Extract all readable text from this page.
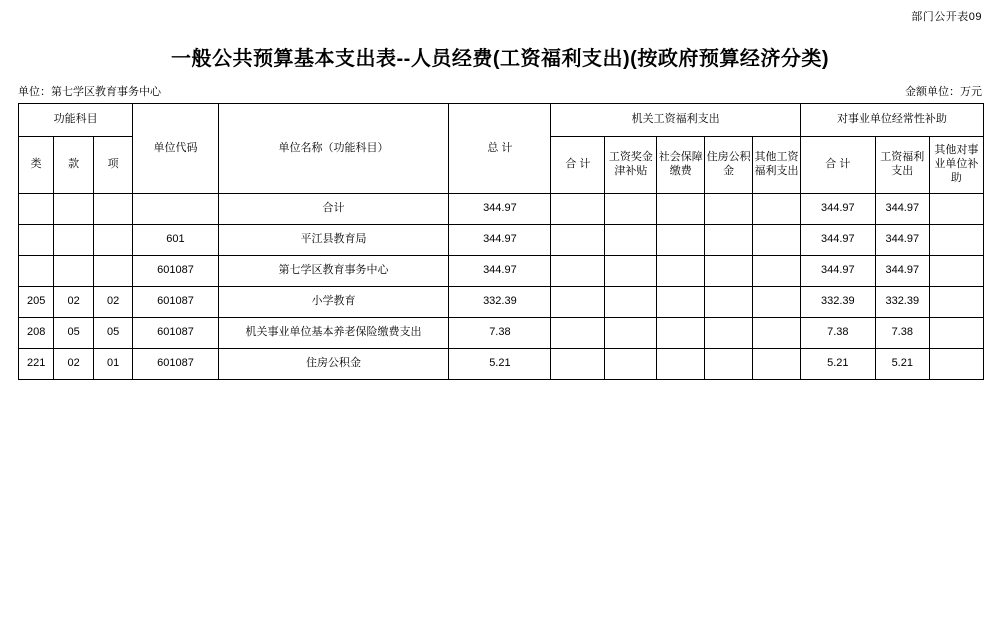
部门公开表09
一般公共预算基本支出表--人员经费(工资福利支出)(按政府预算经济分类)
单位：第七学区教育事务中心	金额单位：万元
功能科目			单位代码	单位名称（功能科目）	总 计	机关工资福利支出					对事业单位经常性补助		
类	款	项				合 计	工资奖金津补贴	社会保障缴费	住房公积金	其他工资福利支出	合 计	工资福利支出	其他对事业单位补助
				合计	344.97						344.97	344.97	
			601	平江县教育局	344.97						344.97	344.97	
			601087	第七学区教育事务中心	344.97						344.97	344.97	
205	02	02	601087	小学教育	332.39						332.39	332.39	
208	05	05	601087	机关事业单位基本养老保险缴费支出	7.38						7.38	7.38	
221	02	01	601087	住房公积金	5.21						5.21	5.21	
